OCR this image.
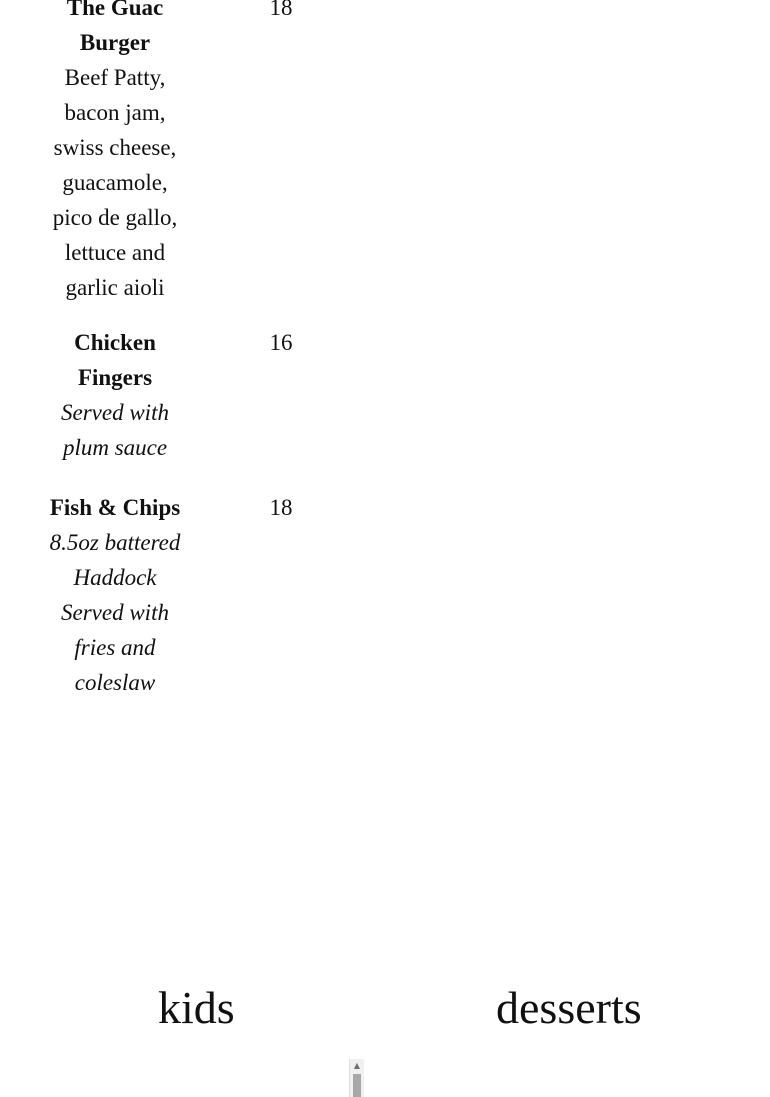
The Guac Burger
Beef Patty, bacon jam, swiss cheese, guacamole, pico de gallo, lettuce and garlic aioli
18
Chicken Fingers
Served with plum sauce
16
Fish & Chips
8.5oz battered Haddock Served with fries and coleslaw
18
kids	desserts
▲
